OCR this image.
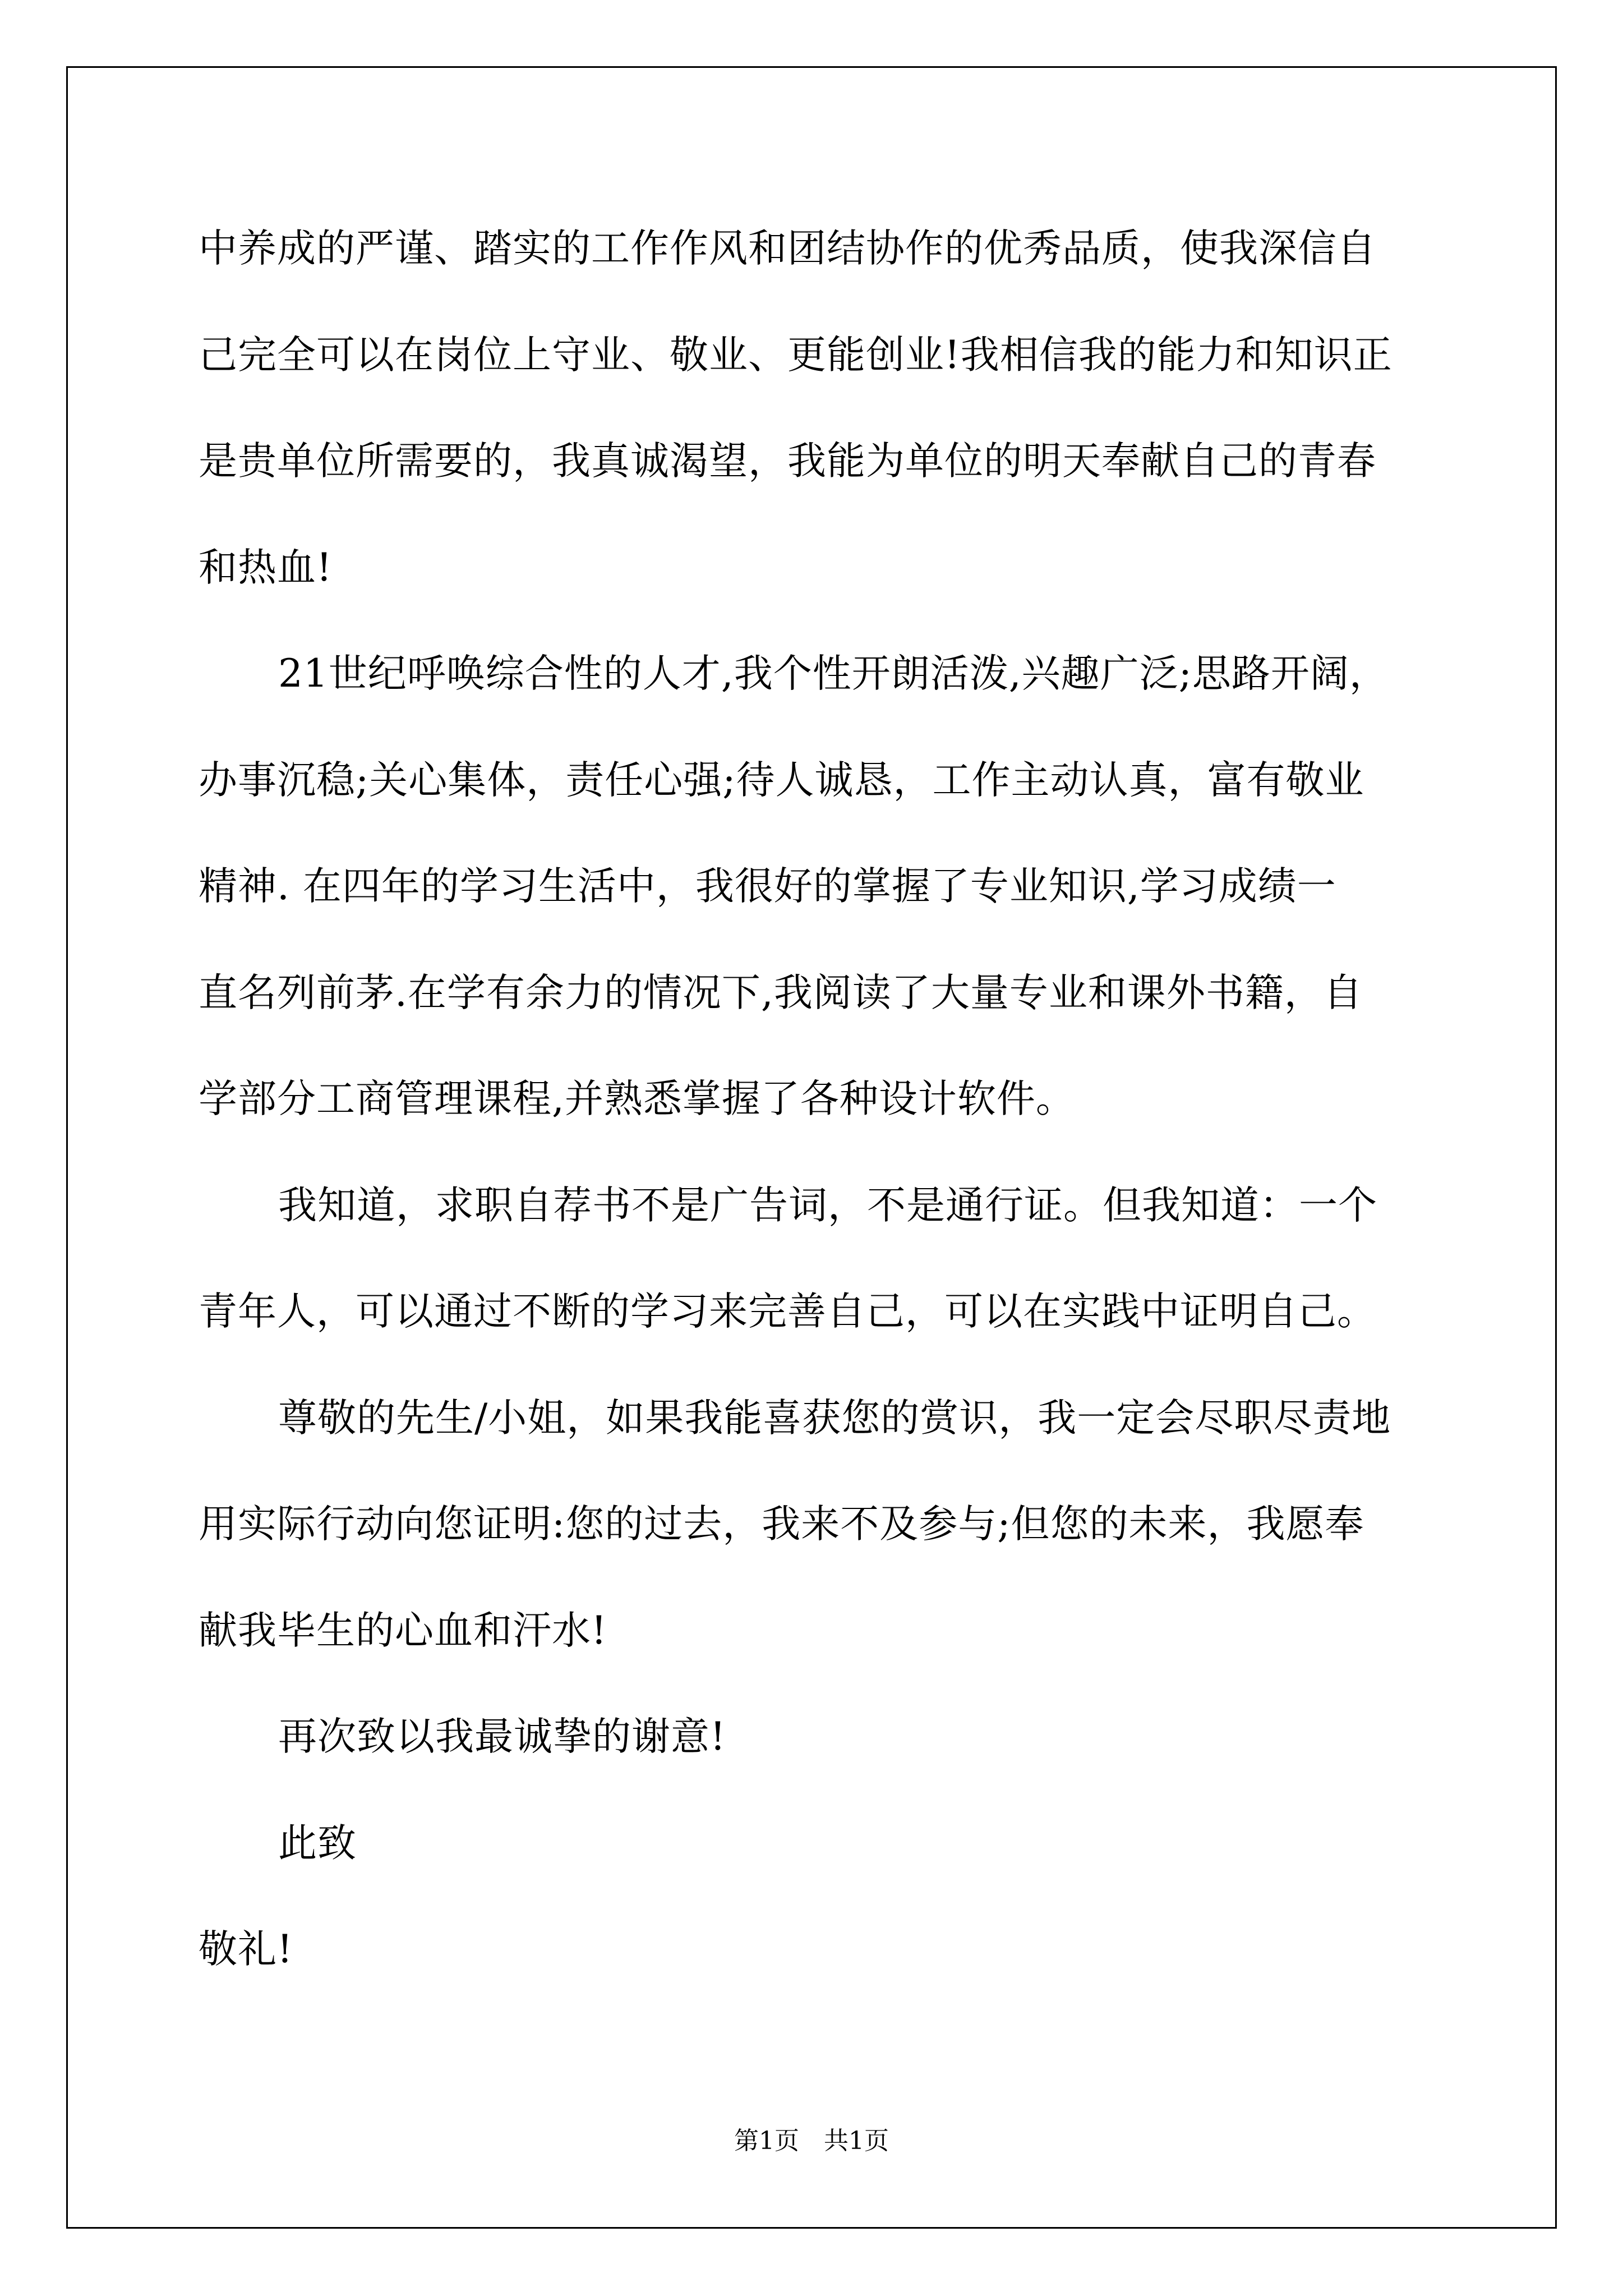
中养成的严谨、踏实的工作作风和团结协作的优秀品质，使我深信自
己完全可以在岗位上守业、敬业、更能创业!我相信我的能力和知识正
是贵单位所需要的，我真诚渴望，我能为单位的明天奉献自己的青春
和热血!
21世纪呼唤综合性的人才,我个性开朗活泼,兴趣广泛;思路开阔，
办事沉稳;关心集体，责任心强;待人诚恳，工作主动认真，富有敬业
精神. 在四年的学习生活中，我很好的掌握了专业知识,学习成绩一
直名列前茅.在学有余力的情况下,我阅读了大量专业和课外书籍，自
学部分工商管理课程,并熟悉掌握了各种设计软件。
我知道，求职自荐书不是广告词，不是通行证。但我知道：一个
青年人，可以通过不断的学习来完善自己，可以在实践中证明自己。
尊敬的先生/小姐，如果我能喜获您的赏识，我一定会尽职尽责地
用实际行动向您证明:您的过去，我来不及参与;但您的未来，我愿奉
献我毕生的心血和汗水!
再次致以我最诚挚的谢意!
此致
敬礼!
第1页　共1页
